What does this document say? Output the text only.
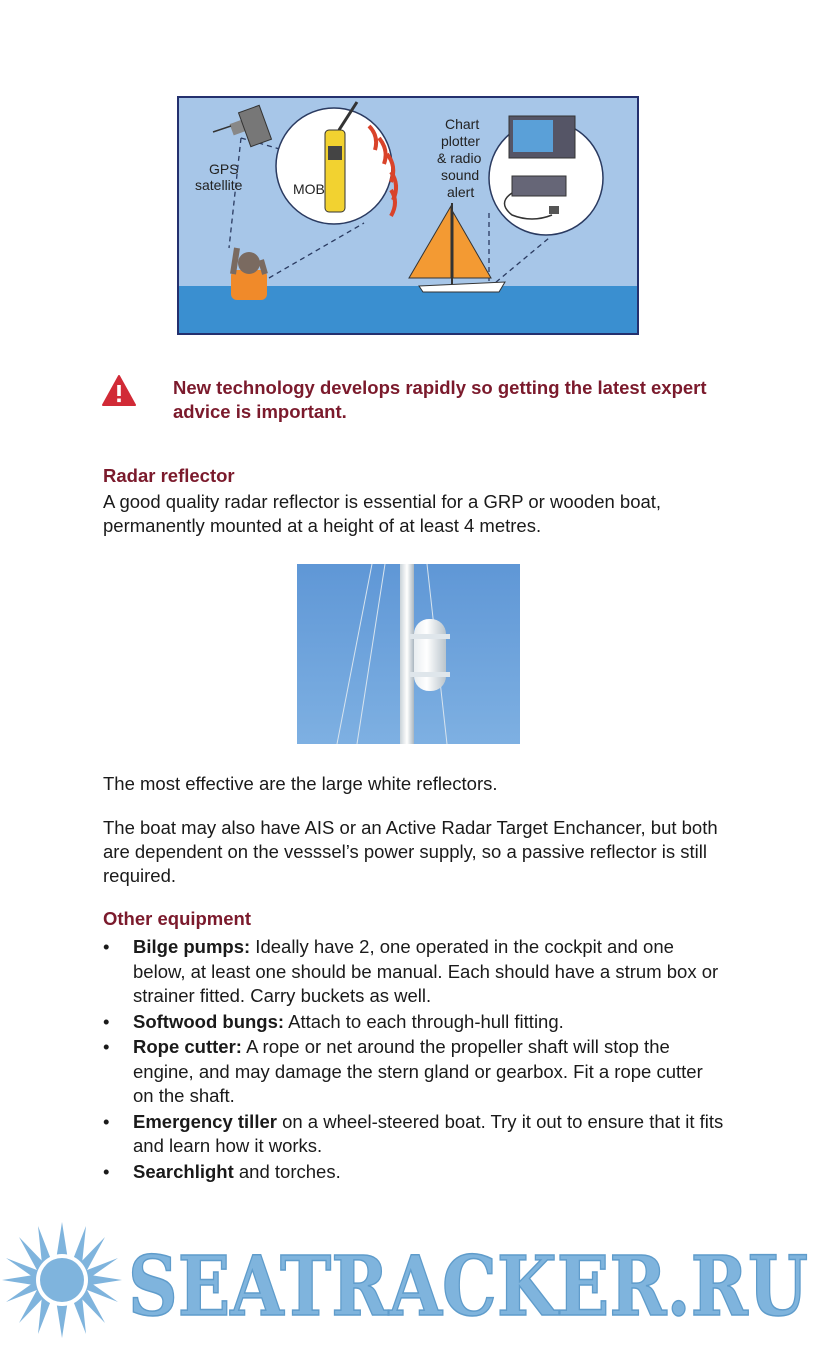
GPS
satellite	MOB
Chart
plotter
& radio
sound
alert
New technology develops rapidly so getting the latest expert advice is important.
Radar reflector
A good quality radar reflector is essential for a GRP or wooden boat, permanently mounted at a height of at least 4 metres.
The most effective are the large white reflectors.
The boat may also have AIS or an Active Radar Target Enchancer, but both are dependent on the vesssel’s power supply, so a passive reflector is still required.
Other equipment
• Bilge pumps: Ideally have 2, one operated in the cockpit and one below, at least one should be manual. Each should have a strum box or strainer fitted. Carry buckets as well.
• Softwood bungs: Attach to each through-hull fitting.
• Rope cutter: A rope or net around the propeller shaft will stop the engine, and may damage the stern gland or gearbox. Fit a rope cutter on the shaft.
• Emergency tiller on a wheel-steered boat. Try it out to ensure that it fits and learn how it works.
• Searchlight and torches.
SEATRACKER.RU
